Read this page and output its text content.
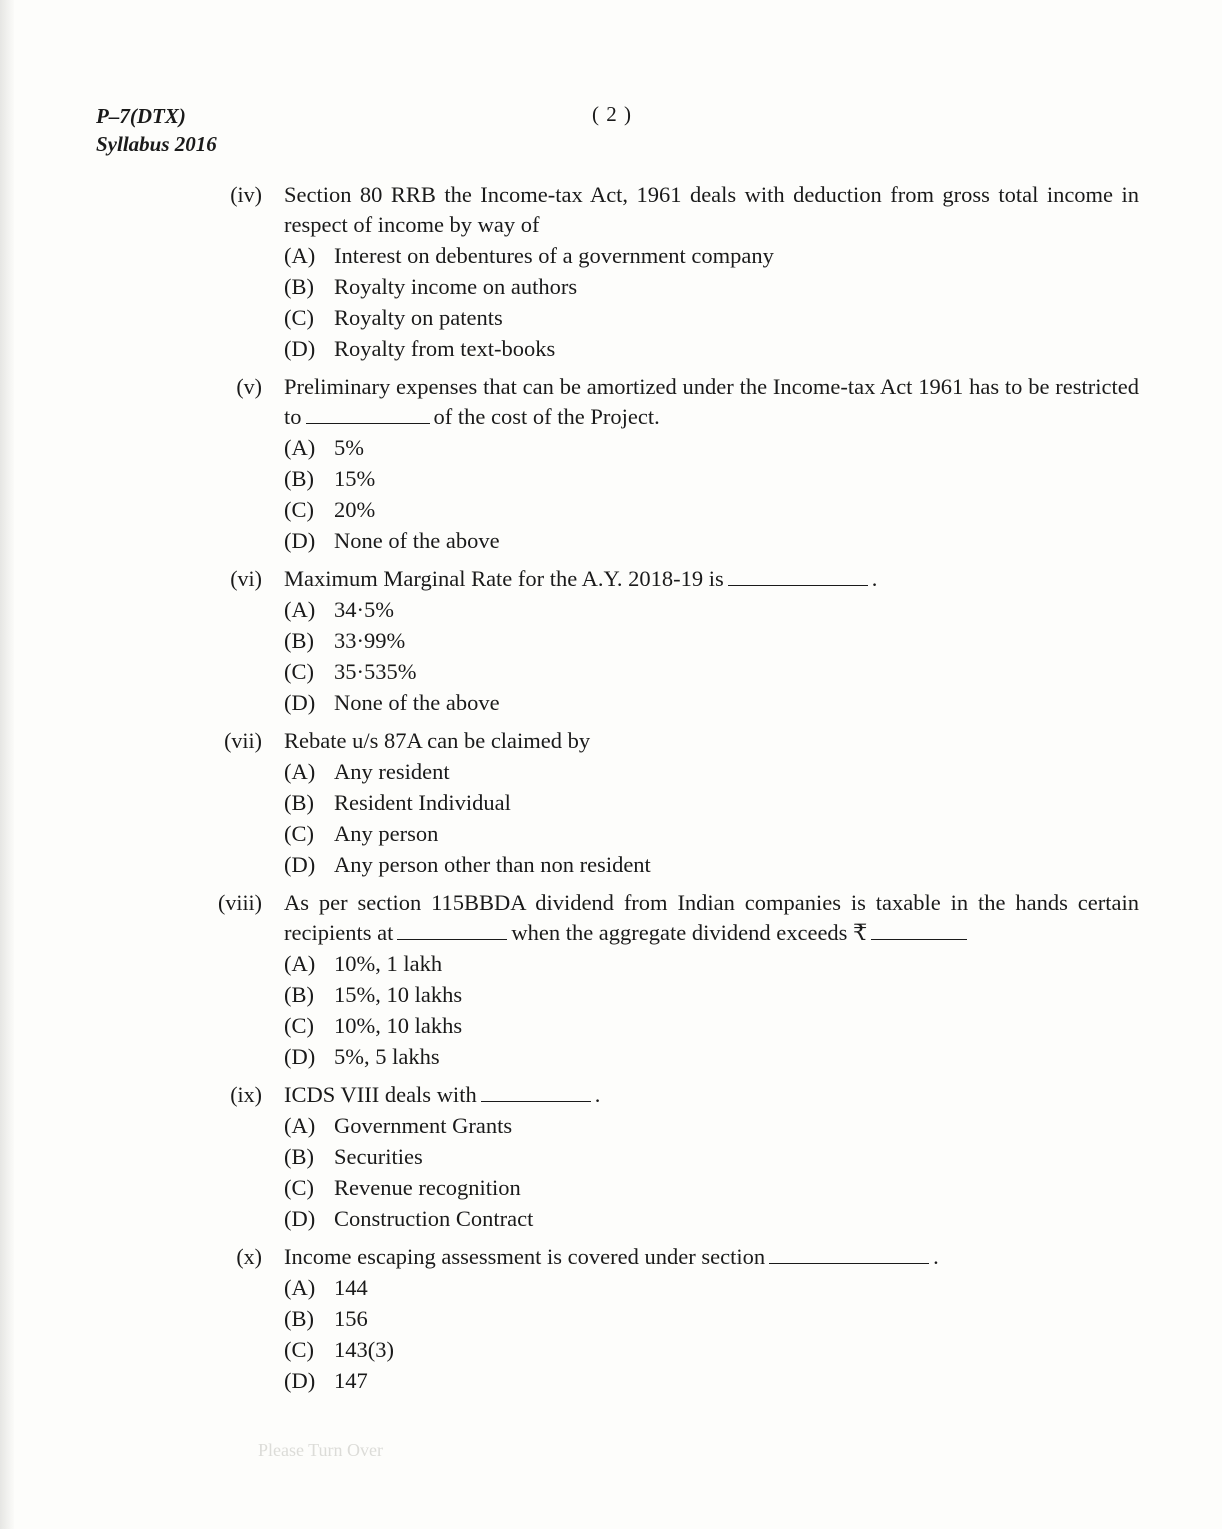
P–7(DTX)
Syllabus 2016
( 2 )
(iv) Section 80 RRB the Income-tax Act, 1961 deals with deduction from gross total income in respect of income by way of
(A) Interest on debentures of a government company
(B) Royalty income on authors
(C) Royalty on patents
(D) Royalty from text-books
(v) Preliminary expenses that can be amortized under the Income-tax Act 1961 has to be restricted to	of the cost of the Project.
(A) 5%
(B) 15%
(C) 20%
(D) None of the above
(vi) Maximum Marginal Rate for the A.Y. 2018-19 is	.
(A) 34·5%
(B) 33·99%
(C) 35·535%
(D) None of the above
(vii) Rebate u/s 87A can be claimed by
(A) Any resident
(B) Resident Individual
(C) Any person
(D) Any person other than non resident
(viii) As per section 115BBDA dividend from Indian companies is taxable in the hands certain recipients at	when the aggregate dividend exceeds ₹
(A) 10%, 1 lakh
(B) 15%, 10 lakhs
(C) 10%, 10 lakhs
(D) 5%, 5 lakhs
(ix) ICDS VIII deals with	.
(A) Government Grants
(B) Securities
(C) Revenue recognition
(D) Construction Contract
(x) Income escaping assessment is covered under section	.
(A) 144
(B) 156
(C) 143(3)
(D) 147
Please Turn Over
